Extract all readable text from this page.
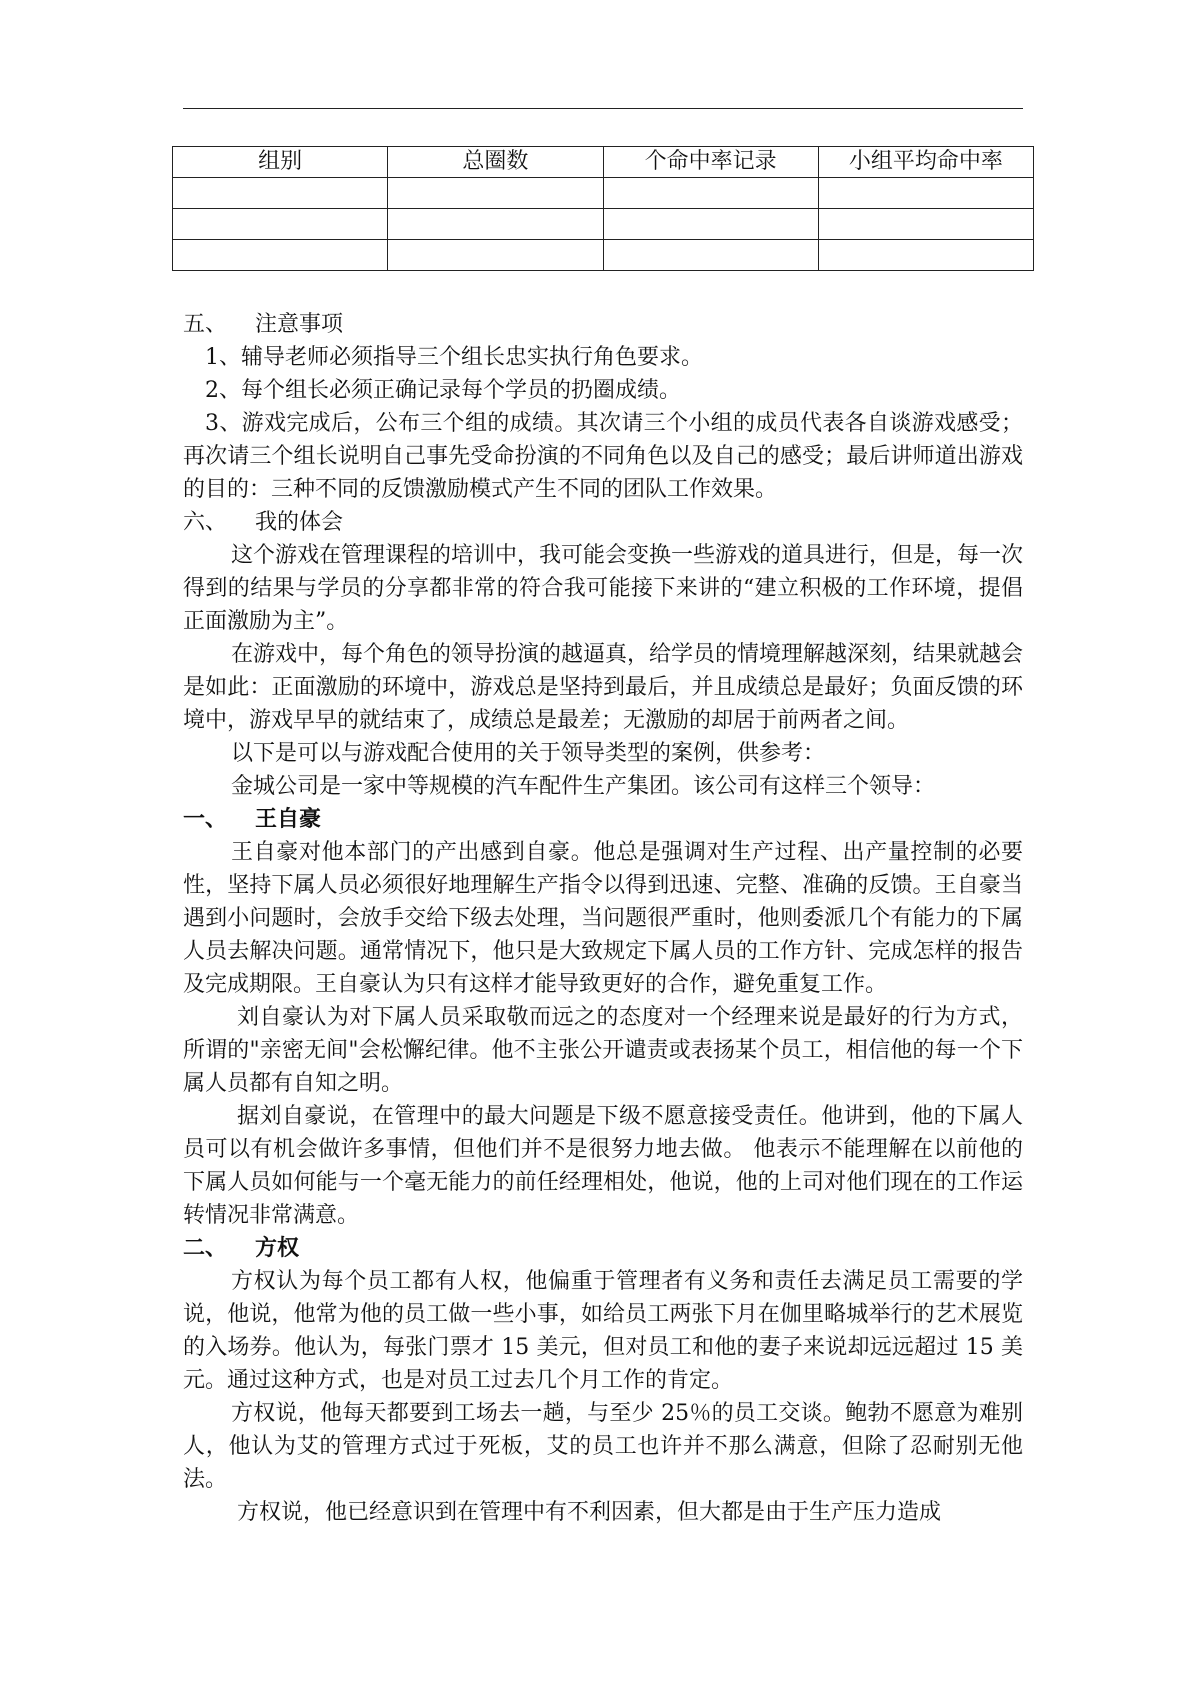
组别	总圈数	个命中率记录	小组平均命中率

五、	注意事项

1、辅导老师必须指导三个组长忠实执行角色要求。

2、每个组长必须正确记录每个学员的扔圈成绩。

3、游戏完成后，公布三个组的成绩。其次请三个小组的成员代表各自谈游戏感受；再次请三个组长说明自己事先受命扮演的不同角色以及自己的感受；最后讲师道出游戏的目的：三种不同的反馈激励模式产生不同的团队工作效果。

六、	我的体会

这个游戏在管理课程的培训中，我可能会变换一些游戏的道具进行，但是，每一次得到的结果与学员的分享都非常的符合我可能接下来讲的“建立积极的工作环境，提倡正面激励为主”。

在游戏中，每个角色的领导扮演的越逼真，给学员的情境理解越深刻，结果就越会是如此：正面激励的环境中，游戏总是坚持到最后，并且成绩总是最好；负面反馈的环境中，游戏早早的就结束了，成绩总是最差；无激励的却居于前两者之间。

以下是可以与游戏配合使用的关于领导类型的案例，供参考：

金城公司是一家中等规模的汽车配件生产集团。该公司有这样三个领导：

一、	王自豪

王自豪对他本部门的产出感到自豪。他总是强调对生产过程、出产量控制的必要性，坚持下属人员必须很好地理解生产指令以得到迅速、完整、准确的反馈。王自豪当遇到小问题时，会放手交给下级去处理，当问题很严重时，他则委派几个有能力的下属人员去解决问题。通常情况下，他只是大致规定下属人员的工作方针、完成怎样的报告及完成期限。王自豪认为只有这样才能导致更好的合作，避免重复工作。

刘自豪认为对下属人员采取敬而远之的态度对一个经理来说是最好的行为方式，所谓的"亲密无间"会松懈纪律。他不主张公开谴责或表扬某个员工，相信他的每一个下属人员都有自知之明。

据刘自豪说，在管理中的最大问题是下级不愿意接受责任。他讲到，他的下属人员可以有机会做许多事情，但他们并不是很努力地去做。 他表示不能理解在以前他的下属人员如何能与一个毫无能力的前任经理相处，他说，他的上司对他们现在的工作运转情况非常满意。

二、	方权

方权认为每个员工都有人权，他偏重于管理者有义务和责任去满足员工需要的学说，他说，他常为他的员工做一些小事，如给员工两张下月在伽里略城举行的艺术展览的入场券。他认为，每张门票才 15 美元，但对员工和他的妻子来说却远远超过 15 美元。通过这种方式，也是对员工过去几个月工作的肯定。

方权说，他每天都要到工场去一趟，与至少 25％的员工交谈。鲍勃不愿意为难别人，他认为艾的管理方式过于死板，艾的员工也许并不那么满意，但除了忍耐别无他法。

方权说，他已经意识到在管理中有不利因素，但大都是由于生产压力造成
